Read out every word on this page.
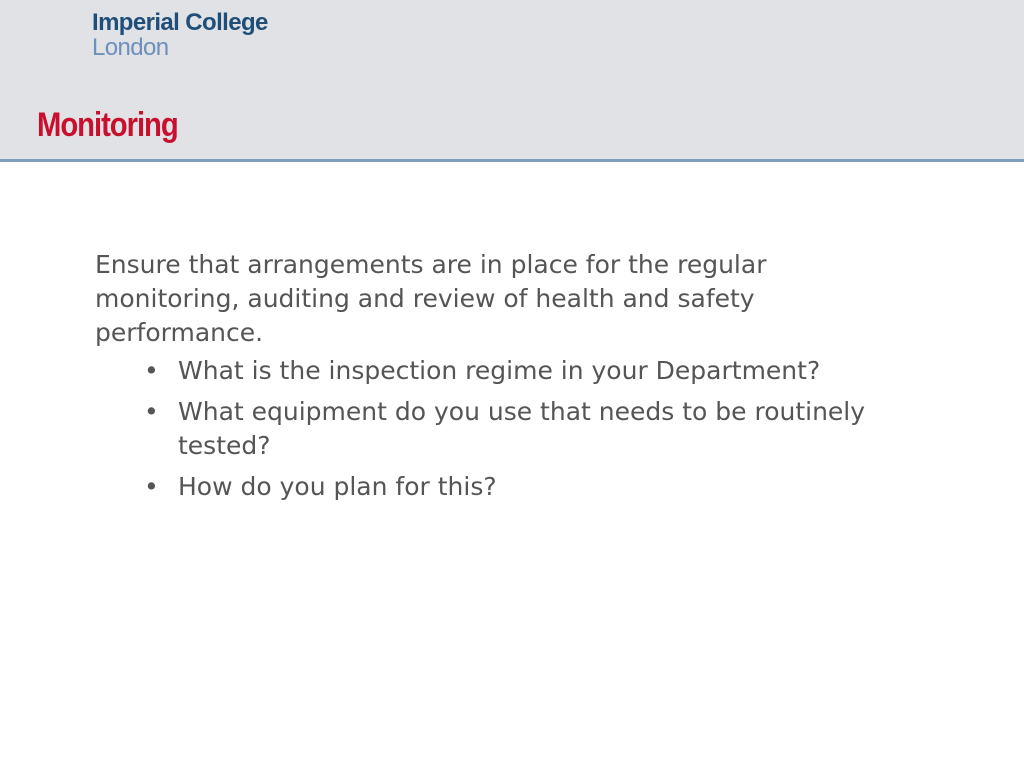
Imperial College
London
Monitoring

Ensure that arrangements are in place for the regular monitoring, auditing and review of health and safety performance.

• What is the inspection regime in your Department?
• What equipment do you use that needs to be routinely tested?
• How do you plan for this?
